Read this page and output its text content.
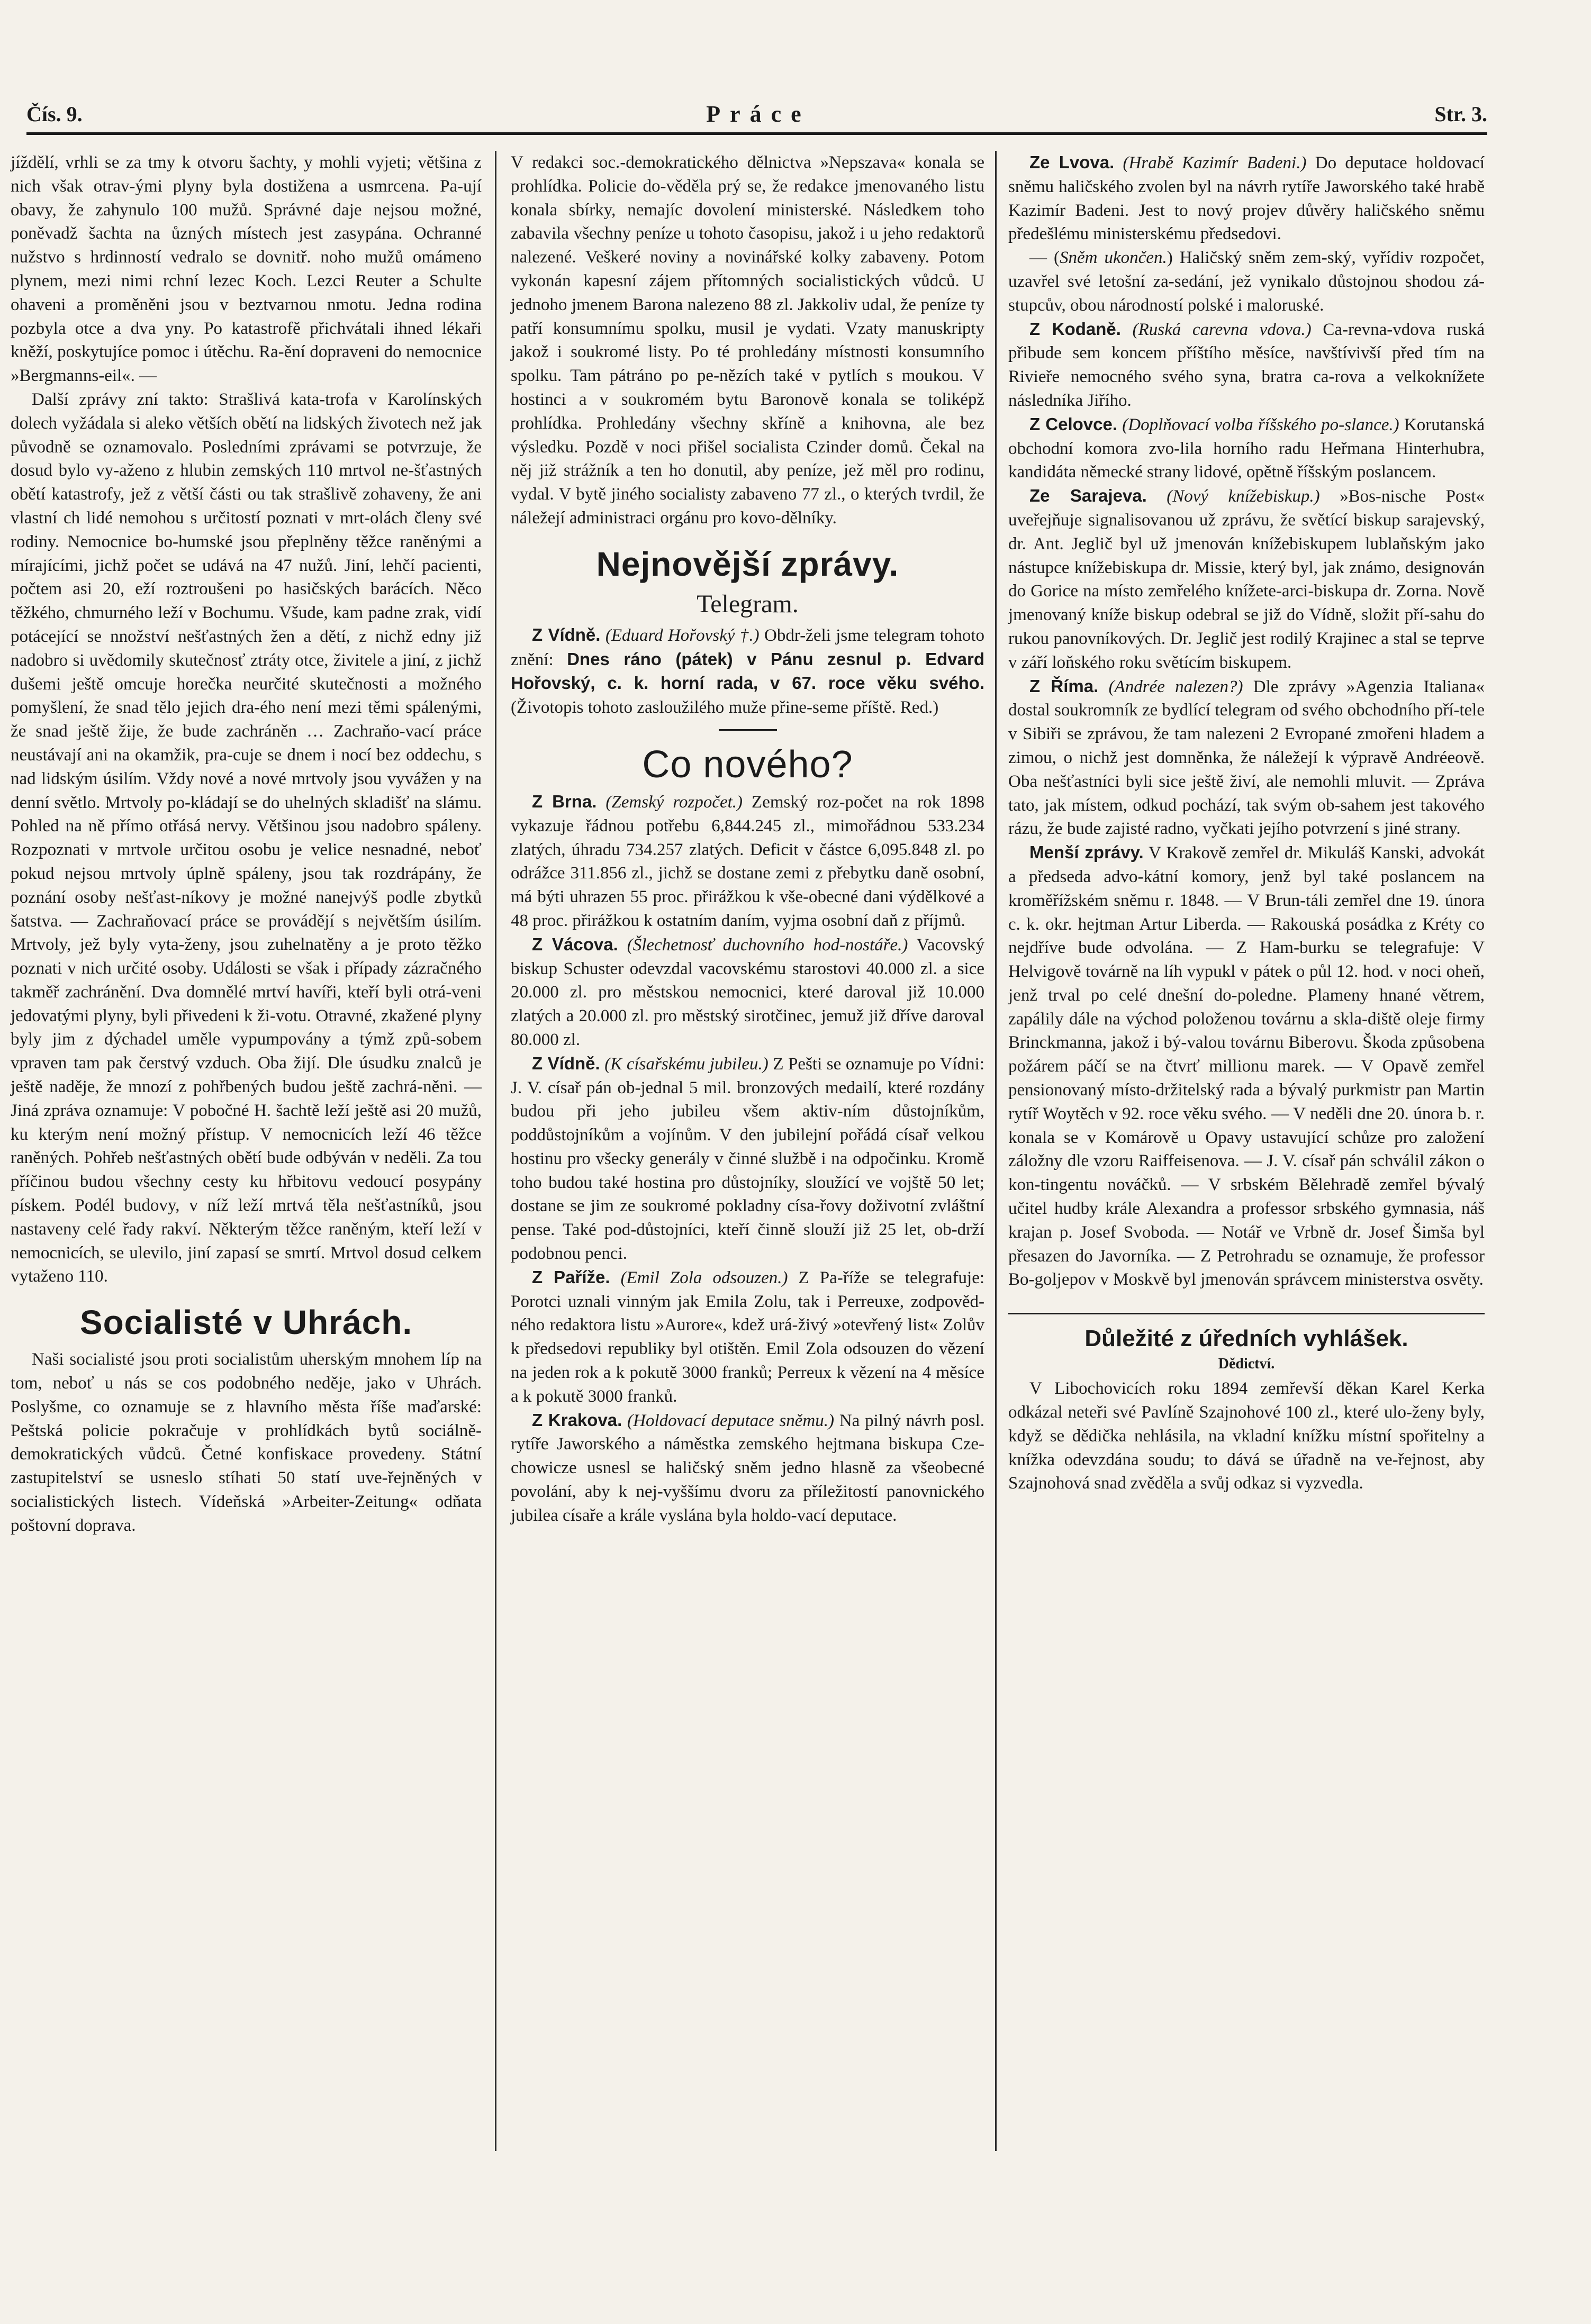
Čís. 9.	Práce	Str. 3.

jíždělí, vrhli se za tmy k otvoru šachty, y mohli vyjeti; většina z nich však otrav-ými plyny byla dostižena a usmrcena. Pa-ují obavy, že zahynulo 100 mužů. Správné daje nejsou možné, poněvadž šachta na ůzných místech jest zasypána. Ochranné nužstvo s hrdinností vedralo se dovnitř. noho mužů omámeno plynem, mezi nimi rchní lezec Koch. Lezci Reuter a Schulte ohaveni a proměněni jsou v beztvarnou nmotu. Jedna rodina pozbyla otce a dva yny. Po katastrofě přichvátali ihned lékaři kněží, poskytujíce pomoc i útěchu. Ra-ění dopraveni do nemocnice »Bergmanns-eil«. —

Další zprávy zní takto: Strašlivá kata-trofa v Karolínských dolech vyžádala si aleko větších obětí na lidských životech než jak původně se oznamovalo. Posledními zprávami se potvrzuje, že dosud bylo vy-aženo z hlubin zemských 110 mrtvol ne-šťastných obětí katastrofy, jež z větší části ou tak strašlivě zohaveny, že ani vlastní ch lidé nemohou s určitostí poznati v mrt-olách členy své rodiny. Nemocnice bo-humské jsou přeplněny těžce raněnými a mírajícími, jichž počet se udává na 47 nužů. Jiní, lehčí pacienti, počtem asi 20, eží roztroušeni po hasičských barácích. Něco těžkého, chmurného leží v Bochumu. Všude, kam padne zrak, vidí potácející se nnožství nešťastných žen a dětí, z nichž edny již nadobro si uvědomily skutečnosť ztráty otce, živitele a jiní, z jichž dušemi ještě omcuje horečka neurčité skutečnosti a možného pomyšlení, že snad tělo jejich dra-ého není mezi těmi spálenými, že snad ještě žije, že bude zachráněn … Zachraňo-vací práce neustávají ani na okamžik, pra-cuje se dnem i nocí bez oddechu, s nad lidským úsilím. Vždy nové a nové mrtvoly jsou vyvážen y na denní světlo. Mrtvoly po-kládají se do uhelných skladišť na slámu. Pohled na ně přímo otřásá nervy. Většinou jsou nadobro spáleny. Rozpoznati v mrtvole určitou osobu je velice nesnadné, neboť pokud nejsou mrtvoly úplně spáleny, jsou tak rozdrápány, že poznání osoby nešťast-níkovy je možné nanejvýš podle zbytků šatstva. — Zachraňovací práce se provádějí s největším úsilím. Mrtvoly, jež byly vyta-ženy, jsou zuhelnatěny a je proto těžko poznati v nich určité osoby. Události se však i případy zázračného takměř zachránění. Dva domnělé mrtví havíři, kteří byli otrá-veni jedovatými plyny, byli přivedeni k ži-votu. Otravné, zkažené plyny byly jim z dýchadel uměle vypumpovány a týmž způ-sobem vpraven tam pak čerstvý vzduch. Oba žijí. Dle úsudku znalců je ještě naděje, že mnozí z pohřbených budou ještě zachrá-něni. — Jiná zpráva oznamuje: V pobočné H. šachtě leží ještě asi 20 mužů, ku kterým není možný přístup. V nemocnicích leží 46 těžce raněných. Pohřeb nešťastných obětí bude odbýván v neděli. Za tou příčinou budou všechny cesty ku hřbitovu vedoucí posypány pískem. Podél budovy, v níž leží mrtvá těla nešťastníků, jsou nastaveny celé řady rakví. Některým těžce raněným, kteří leží v nemocnicích, se ulevilo, jiní zapasí se smrtí. Mrtvol dosud celkem vytaženo 110.

Socialisté v Uhrách.

Naši socialisté jsou proti socialistům uherským mnohem líp na tom, neboť u nás se cos podobného neděje, jako v Uhrách. Poslyšme, co oznamuje se z hlavního města říše maďarské: Peštská policie pokračuje v prohlídkách bytů sociálně-demokratických vůdců. Četné konfiskace provedeny. Státní zastupitelství se usneslo stíhati 50 statí uve-řejněných v socialistických listech. Vídeňská »Arbeiter-Zeitung« odňata poštovní doprava.

V redakci soc.-demokratického dělnictva »Nepszava« konala se prohlídka. Policie do-věděla prý se, že redakce jmenovaného listu konala sbírky, nemajíc dovolení ministerské. Následkem toho zabavila všechny peníze u tohoto časopisu, jakož i u jeho redaktorů nalezené. Veškeré noviny a novinářské kolky zabaveny. Potom vykonán kapesní zájem přítomných socialistických vůdců. U jednoho jmenem Barona nalezeno 88 zl. Jakkoliv udal, že peníze ty patří konsumnímu spolku, musil je vydati. Vzaty manuskripty jakož i soukromé listy. Po té prohledány místnosti konsumního spolku. Tam pátráno po pe-nězích také v pytlích s moukou. V hostinci a v soukromém bytu Baronově konala se toliképž prohlídka. Prohledány všechny skříně a knihovna, ale bez výsledku. Pozdě v noci přišel socialista Czinder domů. Čekal na něj již strážník a ten ho donutil, aby peníze, jež měl pro rodinu, vydal. V bytě jiného socialisty zabaveno 77 zl., o kterých tvrdil, že náležejí administraci orgánu pro kovo-dělníky.

Nejnovější zprávy.
Telegram.

Z Vídně. (Eduard Hořovský †.) Obdr-želi jsme telegram tohoto znění: Dnes ráno (pátek) v Pánu zesnul p. Edvard Hořovský, c. k. horní rada, v 67. roce věku svého. (Životopis tohoto zasloužilého muže přine-seme příště. Red.)

Co nového?

Z Brna. (Zemský rozpočet.) Zemský roz-počet na rok 1898 vykazuje řádnou potřebu 6,844.245 zl., mimořádnou 533.234 zlatých, úhradu 734.257 zlatých. Deficit v částce 6,095.848 zl. po odrážce 311.856 zl., jichž se dostane zemi z přebytku daně osobní, má býti uhrazen 55 proc. přirážkou k vše-obecné dani výdělkové a 48 proc. přirážkou k ostatním daním, vyjma osobní daň z příjmů.

Z Vácova. (Šlechetnosť duchovního hod-nostáře.) Vacovský biskup Schuster odevzdal vacovskému starostovi 40.000 zl. a sice 20.000 zl. pro městskou nemocnici, které daroval již 10.000 zlatých a 20.000 zl. pro městský sirotčinec, jemuž již dříve daroval 80.000 zl.

Z Vídně. (K císařskému jubileu.) Z Pešti se oznamuje po Vídni: J. V. císař pán ob-jednal 5 mil. bronzových medailí, které rozdány budou při jeho jubileu všem aktiv-ním důstojníkům, poddůstojníkům a vojínům. V den jubilejní pořádá císař velkou hostinu pro všecky generály v činné službě i na odpočinku. Kromě toho budou také hostina pro důstojníky, sloužící ve vojště 50 let; dostane se jim ze soukromé pokladny císa-řovy doživotní zvláštní pense. Také pod-důstojníci, kteří činně slouží již 25 let, ob-drží podobnou penci.

Z Paříže. (Emil Zola odsouzen.) Z Pa-říže se telegrafuje: Porotci uznali vinným jak Emila Zolu, tak i Perreuxe, zodpověd-ného redaktora listu »Aurore«, kdež urá-živý »otevřený list« Zolův k předsedovi republiky byl otištěn. Emil Zola odsouzen do vězení na jeden rok a k pokutě 3000 franků; Perreux k vězení na 4 měsíce a k pokutě 3000 franků.

Z Krakova. (Holdovací deputace sněmu.) Na pilný návrh posl. rytíře Jaworského a náměstka zemského hejtmana biskupa Cze-chowicze usnesl se haličský sněm jedno hlasně za všeobecné povolání, aby k nej-vyššímu dvoru za příležitostí panovnického jubilea císaře a krále vyslána byla holdo-vací deputace.

Ze Lvova. (Hrabě Kazimír Badeni.) Do deputace holdovací sněmu haličského zvolen byl na návrh rytíře Jaworského také hrabě Kazimír Badeni. Jest to nový projev důvěry haličského sněmu předešlému ministerskému předsedovi.

— (Sněm ukončen.) Haličský sněm zem-ský, vyřídiv rozpočet, uzavřel své letošní za-sedání, jež vynikalo důstojnou shodou zá-stupcův, obou národností polské i maloruské.

Z Kodaně. (Ruská carevna vdova.) Ca-revna-vdova ruská přibude sem koncem příštího měsíce, navštívivší před tím na Rivieře nemocného svého syna, bratra ca-rova a velkoknížete následníka Jiřího.

Z Celovce. (Doplňovací volba říšského po-slance.) Korutanská obchodní komora zvo-lila horního radu Heřmana Hinterhubra, kandidáta německé strany lidové, opětně říšským poslancem.

Ze Sarajeva. (Nový knížebiskup.) »Bos-nische Post« uveřejňuje signalisovanou už zprávu, že světící biskup sarajevský, dr. Ant. Jeglič byl už jmenován knížebiskupem lublaňským jako nástupce knížebiskupa dr. Missie, který byl, jak známo, designován do Gorice na místo zemřelého knížete-arci-biskupa dr. Zorna. Nově jmenovaný kníže biskup odebral se již do Vídně, složit pří-sahu do rukou panovníkových. Dr. Jeglič jest rodilý Krajinec a stal se teprve v září loňského roku světícím biskupem.

Z Říma. (Andrée nalezen?) Dle zprávy »Agenzia Italiana« dostal soukromník ze bydlící telegram od svého obchodního pří-tele v Sibiři se zprávou, že tam nalezeni 2 Evropané zmořeni hladem a zimou, o nichž jest domněnka, že náležejí k výpravě Andréeově. Oba nešťastníci byli sice ještě živí, ale nemohli mluvit. — Zpráva tato, jak místem, odkud pochází, tak svým ob-sahem jest takového rázu, že bude zajisté radno, vyčkati jejího potvrzení s jiné strany.

Menší zprávy. V Krakově zemřel dr. Mikuláš Kanski, advokát a předseda advo-kátní komory, jenž byl také poslancem na kroměřížském sněmu r. 1848. — V Brun-táli zemřel dne 19. února c. k. okr. hejtman Artur Liberda. — Rakouská posádka z Kréty co nejdříve bude odvolána. — Z Ham-burku se telegrafuje: V Helvigově továrně na líh vypukl v pátek o půl 12. hod. v noci oheň, jenž trval po celé dnešní do-poledne. Plameny hnané větrem, zapálily dále na východ položenou továrnu a skla-diště oleje firmy Brinckmanna, jakož i bý-valou továrnu Biberovu. Škoda způsobena požárem páčí se na čtvrť millionu marek. — V Opavě zemřel pensionovaný místo-držitelský rada a bývalý purkmistr pan Martin rytíř Woytěch v 92. roce věku svého. — V neděli dne 20. února b. r. konala se v Komárově u Opavy ustavující schůze pro založení záložny dle vzoru Raiffeisenova. — J. V. císař pán schválil zákon o kon-tingentu nováčků. — V srbském Bělehradě zemřel bývalý učitel hudby krále Alexandra a professor srbského gymnasia, náš krajan p. Josef Svoboda. — Notář ve Vrbně dr. Josef Šimša byl přesazen do Javorníka. — Z Petrohradu se oznamuje, že professor Bo-goljepov v Moskvě byl jmenován správcem ministerstva osvěty.

Důležité z úředních vyhlášek.
Dědictví.

V Libochovicích roku 1894 zemřevší děkan Karel Kerka odkázal neteři své Pavlíně Szajnohové 100 zl., které ulo-ženy byly, když se dědička nehlásila, na vkladní knížku místní spořitelny a knížka odevzdána soudu; to dává se úřadně na ve-řejnost, aby Szajnohová snad zvěděla a svůj odkaz si vyzvedla.
